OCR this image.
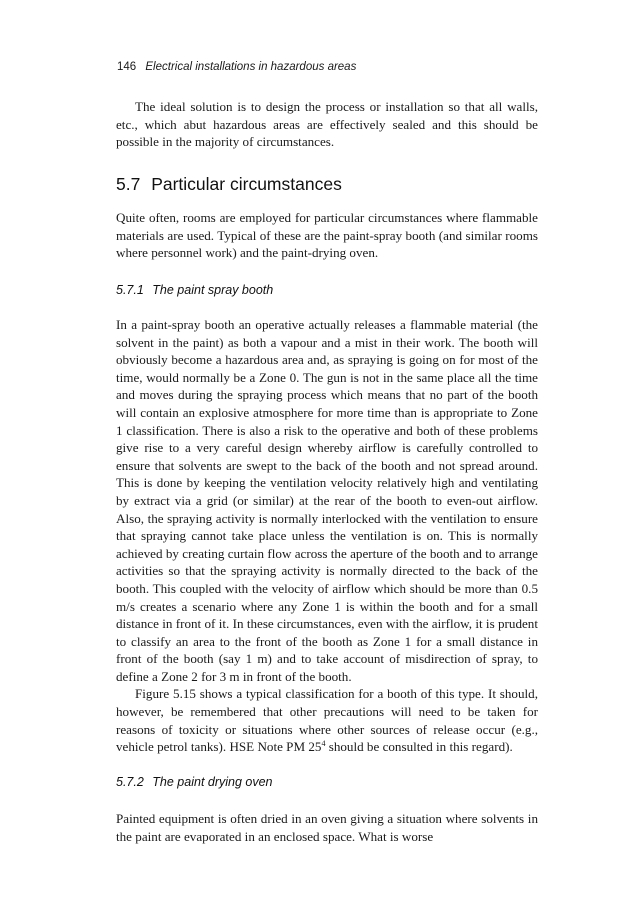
146 Electrical installations in hazardous areas

The ideal solution is to design the process or installation so that all walls, etc., which abut hazardous areas are effectively sealed and this should be possible in the majority of circumstances.

5.7 Particular circumstances

Quite often, rooms are employed for particular circumstances where flammable materials are used. Typical of these are the paint-spray booth (and similar rooms where personnel work) and the paint-drying oven.

5.7.1 The paint spray booth

In a paint-spray booth an operative actually releases a flammable material (the solvent in the paint) as both a vapour and a mist in their work. The booth will obviously become a hazardous area and, as spraying is going on for most of the time, would normally be a Zone 0. The gun is not in the same place all the time and moves during the spraying process which means that no part of the booth will contain an explosive atmosphere for more time than is appropriate to Zone 1 classification. There is also a risk to the operative and both of these problems give rise to a very careful design whereby airflow is carefully controlled to ensure that solvents are swept to the back of the booth and not spread around. This is done by keeping the ventilation velocity relatively high and ventilating by extract via a grid (or similar) at the rear of the booth to even-out airflow. Also, the spraying activity is normally interlocked with the ventilation to ensure that spraying cannot take place unless the ventilation is on. This is normally achieved by creating curtain flow across the aperture of the booth and to arrange activities so that the spraying activity is normally directed to the back of the booth. This coupled with the velocity of airflow which should be more than 0.5 m/s creates a scenario where any Zone 1 is within the booth and for a small distance in front of it. In these circumstances, even with the airflow, it is prudent to classify an area to the front of the booth as Zone 1 for a small distance in front of the booth (say 1 m) and to take account of misdirection of spray, to define a Zone 2 for 3 m in front of the booth.

Figure 5.15 shows a typical classification for a booth of this type. It should, however, be remembered that other precautions will need to be taken for reasons of toxicity or situations where other sources of release occur (e.g., vehicle petrol tanks). HSE Note PM $25^4$ should be consulted in this regard).

5.7.2 The paint drying oven

Painted equipment is often dried in an oven giving a situation where solvents in the paint are evaporated in an enclosed space. What is worse
